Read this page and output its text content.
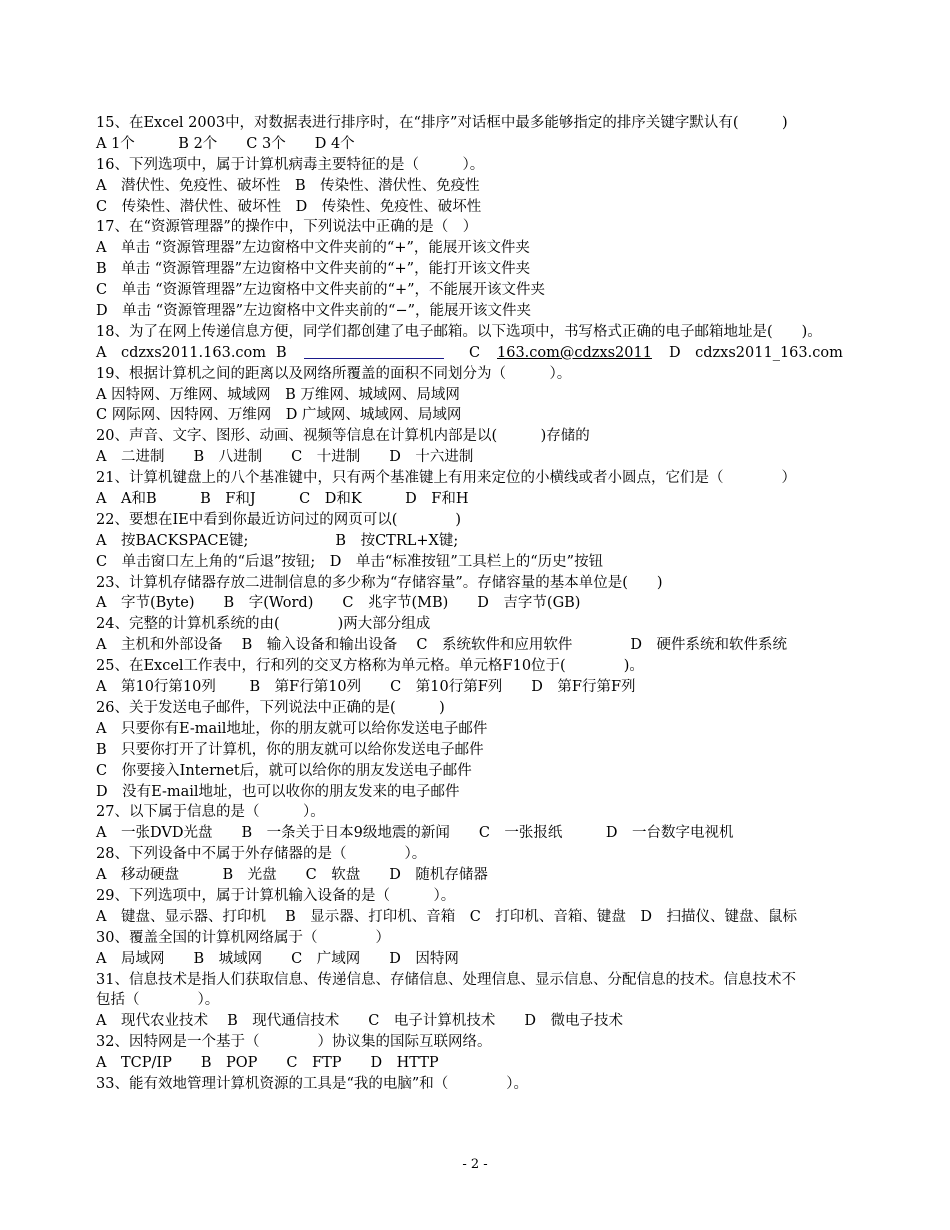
15、在Excel 2003中，对数据表进行排序时，在“排序”对话框中最多能够指定的排序关键字默认有(　　　)
A 1个　　　B 2个　　C 3个　　D 4个
16、下列选项中，属于计算机病毒主要特征的是（　　　）。
A　潜伏性、免疫性、破坏性　B　传染性、潜伏性、免疫性
C　传染性、潜伏性、破坏性　D　传染性、免疫性、破坏性
17、在“资源管理器”的操作中，下列说法中正确的是（　）
A　单击 “资源管理器”左边窗格中文件夹前的“+”，能展开该文件夹
B　单击 “资源管理器”左边窗格中文件夹前的“+”，能打开该文件夹
C　单击 “资源管理器”左边窗格中文件夹前的“+”，不能展开该文件夹
D　单击 “资源管理器”左边窗格中文件夹前的“−”，能展开该文件夹
18、为了在网上传递信息方便，同学们都创建了电子邮箱。以下选项中，书写格式正确的电子邮箱地址是(　　)。
A　cdzxs2011.163.com B	C 163.com@cdzxs2011 D　cdzxs2011_163.com
19、根据计算机之间的距离以及网络所覆盖的面积不同划分为（　　　）。
A 因特网、万维网、城域网　B 万维网、城域网、局域网
C 网际网、因特网、万维网　D 广域网、城域网、局域网
20、声音、文字、图形、动画、视频等信息在计算机内部是以(　　　)存储的
A　二进制　　B　八进制　　C　十进制　　D　十六进制
21、计算机键盘上的八个基准键中，只有两个基准键上有用来定位的小横线或者小圆点，它们是（　　　　）
A　A和B　　　B　F和J　　　C　D和K　　　D　F和H
22、要想在IE中看到你最近访问过的网页可以(　　　　)
A　按BACKSPACE键;　　　　　　B　按CTRL+X键;
C　单击窗口左上角的“后退”按钮;　D　单击“标准按钮”工具栏上的“历史”按钮
23、计算机存储器存放二进制信息的多少称为“存储容量”。存储容量的基本单位是(　　)
A　字节(Byte)　　B　字(Word)　　C　兆字节(MB)　　D　吉字节(GB)
24、完整的计算机系统的由(　　　　)两大部分组成
A　主机和外部设备　 B　输入设备和输出设备　 C　系统软件和应用软件　　　　D　硬件系统和软件系统
25、在Excel工作表中，行和列的交叉方格称为单元格。单元格F10位于(　　　　)。
A　第10行第10列　　 B　第F行第10列　　C　第10行第F列　　D　第F行第F列
26、关于发送电子邮件，下列说法中正确的是(　　　)
A　只要你有E-mail地址，你的朋友就可以给你发送电子邮件
B　只要你打开了计算机，你的朋友就可以给你发送电子邮件
C　你要接入Internet后，就可以给你的朋友发送电子邮件
D　没有E-mail地址，也可以收你的朋友发来的电子邮件
27、以下属于信息的是（　　　）。
A　一张DVD光盘　　B　一条关于日本9级地震的新闻　　C　一张报纸　　　D　一台数字电视机
28、下列设备中不属于外存储器的是（　　　　）。
A　移动硬盘　　　B　光盘　　C　软盘　　D　随机存储器
29、下列选项中，属于计算机输入设备的是（　　　）。
A　键盘、显示器、打印机　 B　显示器、打印机、音箱　C　打印机、音箱、键盘　D　扫描仪、键盘、鼠标
30、覆盖全国的计算机网络属于（　　　　）
A　局域网　　B　城域网　　C　广域网　　D　因特网
31、信息技术是指人们获取信息、传递信息、存储信息、处理信息、显示信息、分配信息的技术。信息技术不
包括（　　　　）。
A　现代农业技术　 B　现代通信技术　　C　电子计算机技术　　D　微电子技术
32、因特网是一个基于（　　　　）协议集的国际互联网络。
A　TCP/IP　　B　POP　　C　FTP　　D　HTTP
33、能有效地管理计算机资源的工具是“我的电脑”和（　　　　）。
- 2 -
